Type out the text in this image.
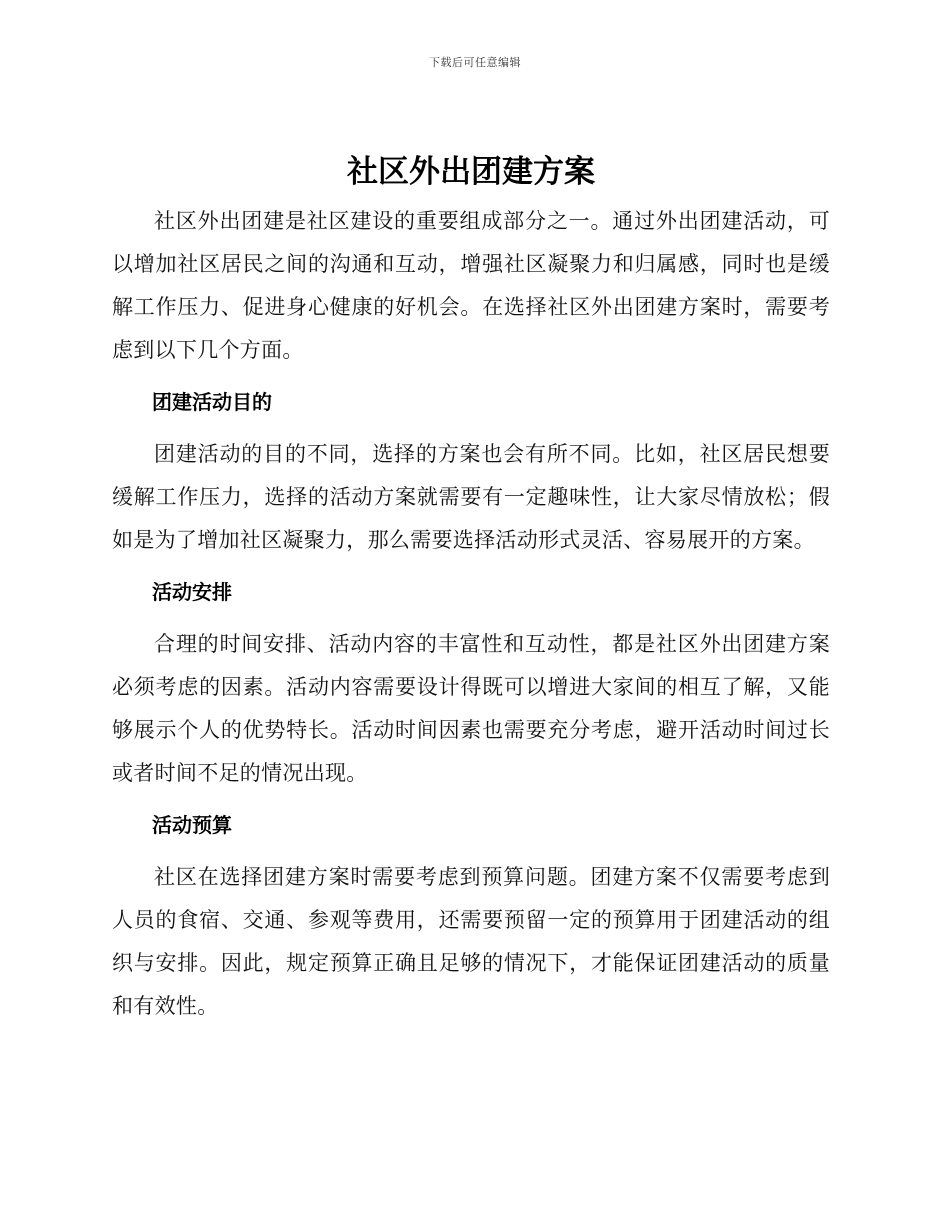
下载后可任意编辑
社区外出团建方案

社区外出团建是社区建设的重要组成部分之一。通过外出团建活动，可以增加社区居民之间的沟通和互动，增强社区凝聚力和归属感，同时也是缓解工作压力、促进身心健康的好机会。在选择社区外出团建方案时，需要考虑到以下几个方面。

团建活动目的

团建活动的目的不同，选择的方案也会有所不同。比如，社区居民想要缓解工作压力，选择的活动方案就需要有一定趣味性，让大家尽情放松；假如是为了增加社区凝聚力，那么需要选择活动形式灵活、容易展开的方案。

活动安排

合理的时间安排、活动内容的丰富性和互动性，都是社区外出团建方案必须考虑的因素。活动内容需要设计得既可以增进大家间的相互了解，又能够展示个人的优势特长。活动时间因素也需要充分考虑，避开活动时间过长或者时间不足的情况出现。

活动预算

社区在选择团建方案时需要考虑到预算问题。团建方案不仅需要考虑到人员的食宿、交通、参观等费用，还需要预留一定的预算用于团建活动的组织与安排。因此，规定预算正确且足够的情况下，才能保证团建活动的质量和有效性。
